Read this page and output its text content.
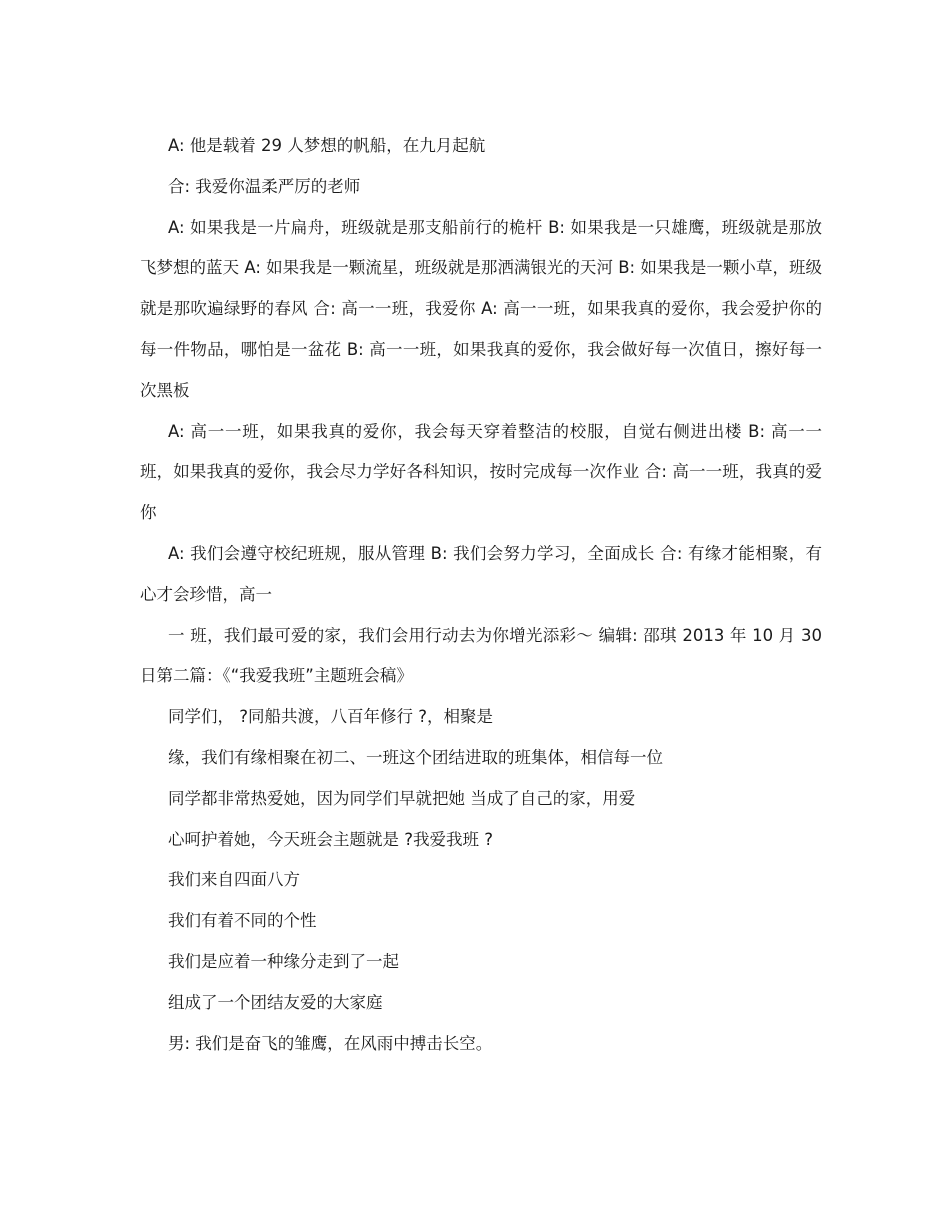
A: 他是载着 29 人梦想的帆船，在九月起航

合: 我爱你温柔严厉的老师

A: 如果我是一片扁舟，班级就是那支船前行的桅杆 B: 如果我是一只雄鹰，班级就是那放飞梦想的蓝天 A: 如果我是一颗流星，班级就是那洒满银光的天河 B: 如果我是一颗小草，班级就是那吹遍绿野的春风 合: 高一一班，我爱你 A: 高一一班，如果我真的爱你，我会爱护你的每一件物品，哪怕是一盆花 B: 高一一班，如果我真的爱你，我会做好每一次值日，擦好每一次黑板

A: 高一一班，如果我真的爱你，我会每天穿着整洁的校服，自觉右侧进出楼 B: 高一一班，如果我真的爱你，我会尽力学好各科知识，按时完成每一次作业 合: 高一一班，我真的爱你

A: 我们会遵守校纪班规，服从管理 B: 我们会努力学习，全面成长 合: 有缘才能相聚，有心才会珍惜，高一

一 班，我们最可爱的家，我们会用行动去为你增光添彩～ 编辑: 邵琪 2013 年 10 月 30 日第二篇：《“我爱我班”主题班会稿》

同学们， ?同船共渡，八百年修行 ?，相聚是

缘，我们有缘相聚在初二、一班这个团结进取的班集体，相信每一位

同学都非常热爱她，因为同学们早就把她 当成了自己的家，用爱

心呵护着她，今天班会主题就是 ?我爱我班 ?

我们来自四面八方

我们有着不同的个性

我们是应着一种缘分走到了一起

组成了一个团结友爱的大家庭

男: 我们是奋飞的雏鹰，在风雨中搏击长空。
